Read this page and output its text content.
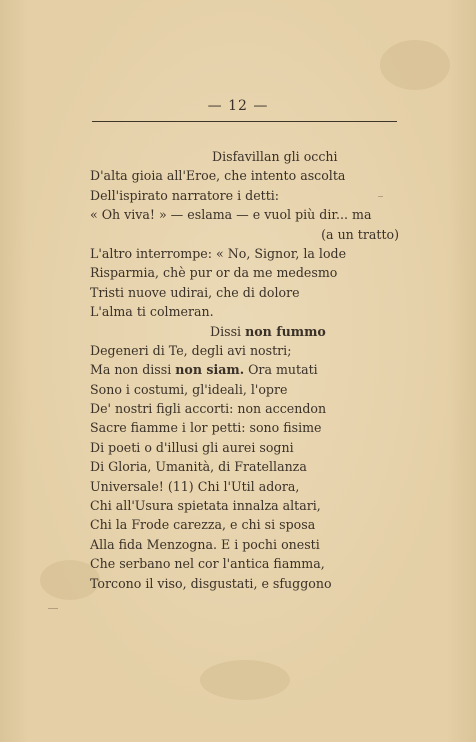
— 12 —
Disfavillan gli occhi
D'alta gioia all'Eroe, che intento ascolta
Dell'ispirato narratore i detti:
« Oh viva! » — eslama — e vuol più dir... ma
(a un tratto)
L'altro interrompe: « No, Signor, la lode
Risparmia, chè pur or da me medesmo
Tristi nuove udirai, che di dolore
L'alma ti colmeran.
Dissi non fummo
Degeneri di Te, degli avi nostri;
Ma non dissi non siam. Ora mutati
Sono i costumi, gl'ideali, l'opre
De' nostri figli accorti: non accendon
Sacre fiamme i lor petti: sono fisime
Di poeti o d'illusi gli aurei sogni
Di Gloria, Umanità, di Fratellanza
Universale! (11) Chi l'Util adora,
Chi all'Usura spietata innalza altari,
Chi la Frode carezza, e chi si sposa
Alla fida Menzogna. E i pochi onesti
Che serbano nel cor l'antica fiamma,
Torcono il viso, disgustati, e sfuggono
